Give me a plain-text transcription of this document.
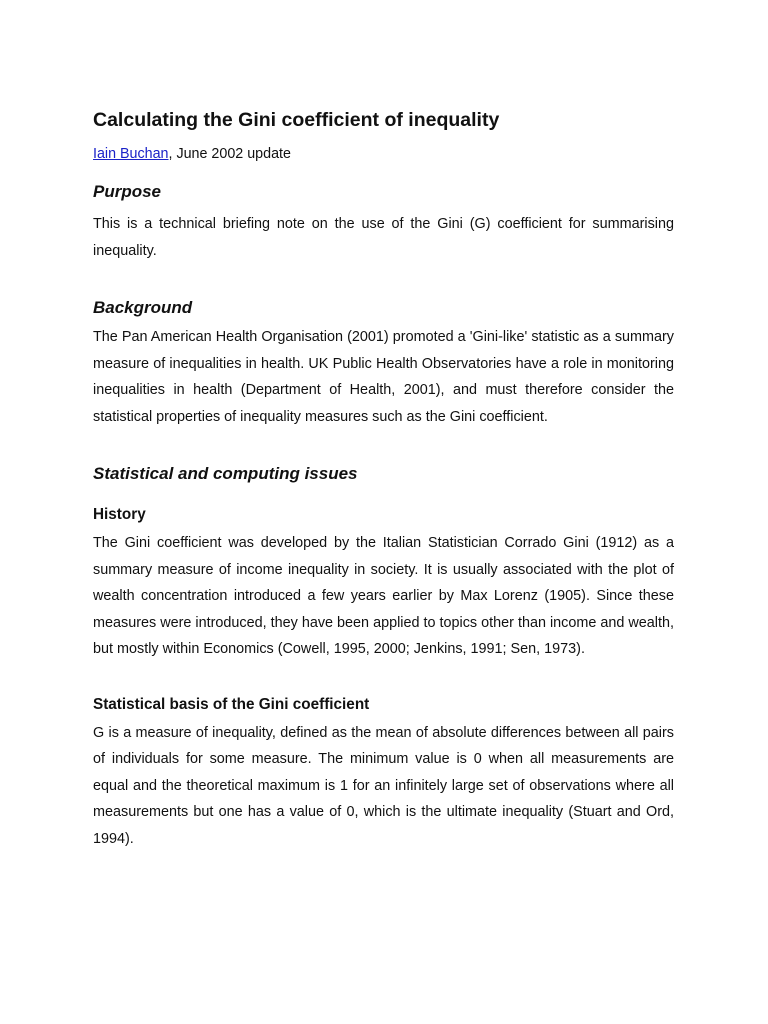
Calculating the Gini coefficient of inequality
Iain Buchan, June 2002 update
Purpose

This is a technical briefing note on the use of the Gini (G) coefficient for summarising inequality.

Background

The Pan American Health Organisation (2001) promoted a 'Gini-like' statistic as a summary measure of inequalities in health. UK Public Health Observatories have a role in monitoring inequalities in health (Department of Health, 2001), and must therefore consider the statistical properties of inequality measures such as the Gini coefficient.

Statistical and computing issues
History

The Gini coefficient was developed by the Italian Statistician Corrado Gini (1912) as a summary measure of income inequality in society. It is usually associated with the plot of wealth concentration introduced a few years earlier by Max Lorenz (1905). Since these measures were introduced, they have been applied to topics other than income and wealth, but mostly within Economics (Cowell, 1995, 2000; Jenkins, 1991; Sen, 1973).

Statistical basis of the Gini coefficient

G is a measure of inequality, defined as the mean of absolute differences between all pairs of individuals for some measure. The minimum value is 0 when all measurements are equal and the theoretical maximum is 1 for an infinitely large set of observations where all measurements but one has a value of 0, which is the ultimate inequality (Stuart and Ord, 1994).
